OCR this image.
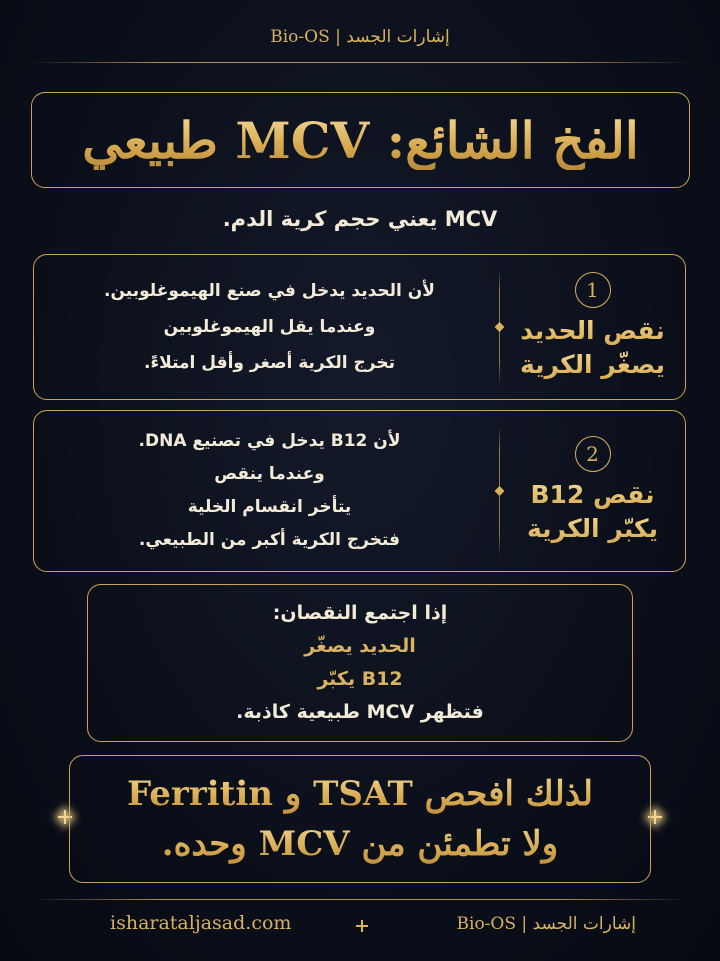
Bio-OS | إشارات الجسد
الفخ الشائع: MCV طبيعي
MCV يعني حجم كرية الدم.
1
نقص الحديد
يصغّر الكرية
لأن الحديد يدخل في صنع الهيموغلوبين.
وعندما يقل الهيموغلوبين
تخرج الكرية أصغر وأقل امتلاءً.
2
نقص B12
يكبّر الكرية
لأن B12 يدخل في تصنيع DNA.
وعندما ينقص
يتأخر انقسام الخلية
فتخرج الكرية أكبر من الطبيعي.
إذا اجتمع النقصان:
الحديد يصغّر
B12 يكبّر
فتظهر MCV طبيعية كاذبة.
لذلك افحص TSAT و Ferritin
ولا تطمئن من MCV وحده.
isharataljasad.com	Bio-OS | إشارات الجسد
